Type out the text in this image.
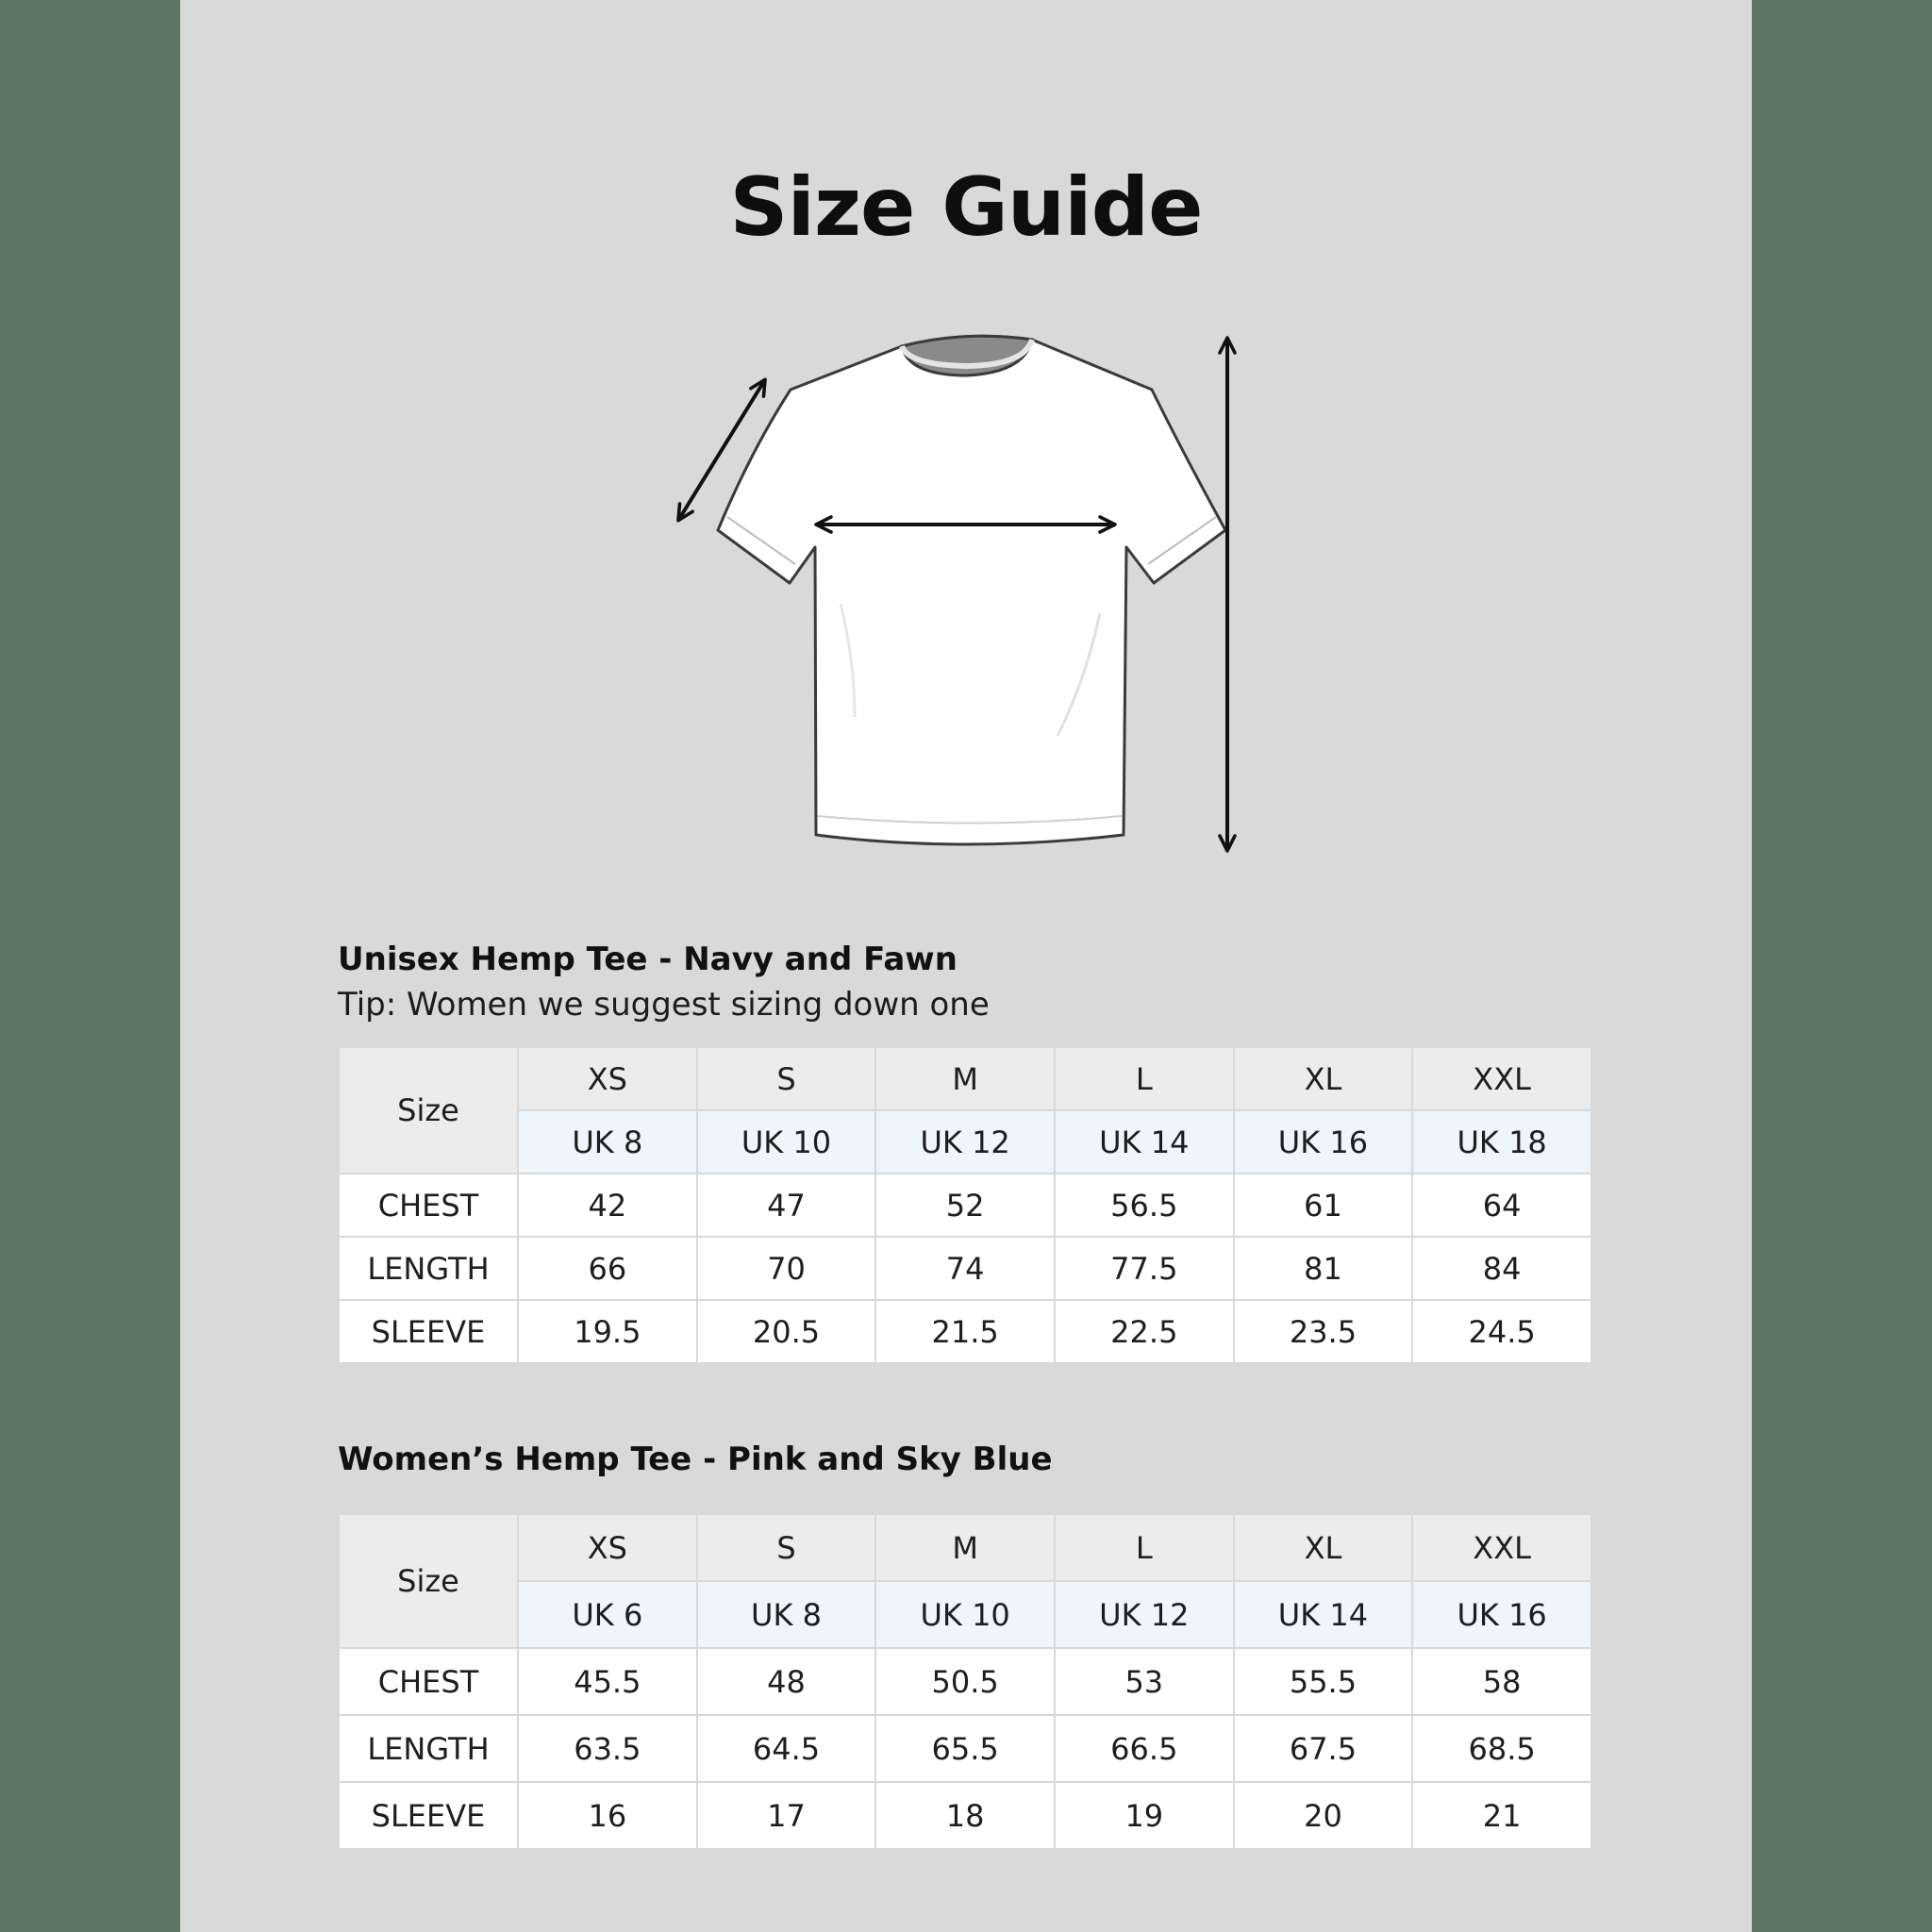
Size Guide
Unisex Hemp Tee - Navy and Fawn
Tip: Women we suggest sizing down one
Size	XS	S	M	L	XL	XXL
	UK 8	UK 10	UK 12	UK 14	UK 16	UK 18
CHEST	42	47	52	56.5	61	64
LENGTH	66	70	74	77.5	81	84
SLEEVE	19.5	20.5	21.5	22.5	23.5	24.5
Women’s Hemp Tee - Pink and Sky Blue
Size	XS	S	M	L	XL	XXL
	UK 6	UK 8	UK 10	UK 12	UK 14	UK 16
CHEST	45.5	48	50.5	53	55.5	58
LENGTH	63.5	64.5	65.5	66.5	67.5	68.5
SLEEVE	16	17	18	19	20	21
